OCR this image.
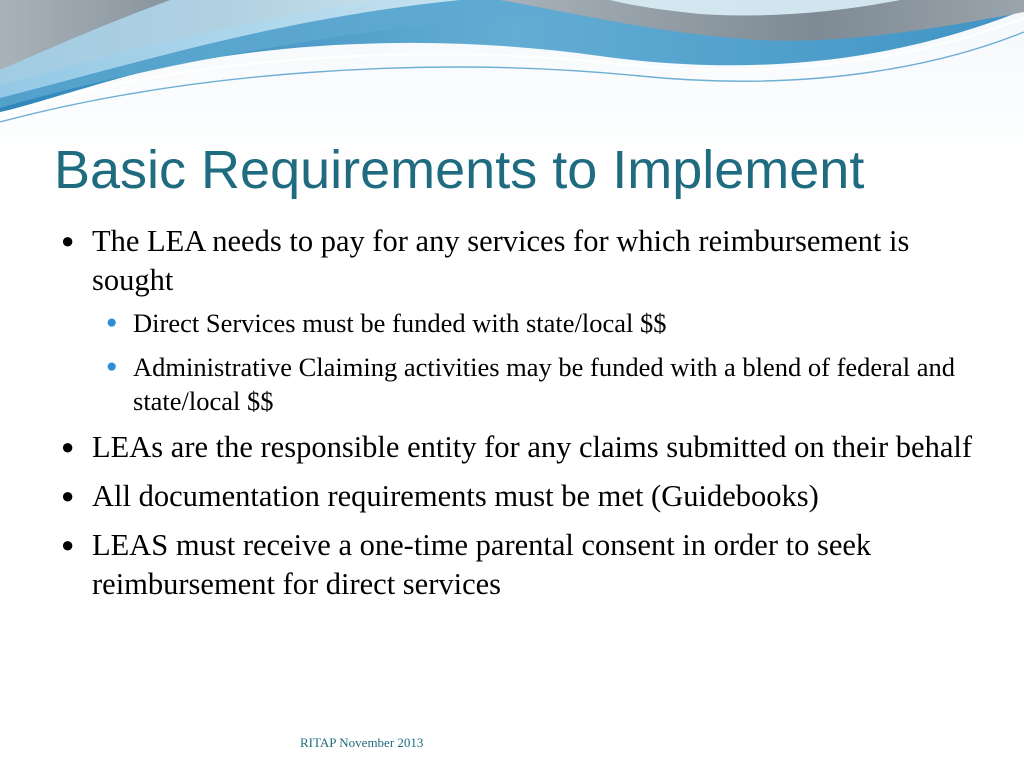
Basic Requirements to Implement
● The LEA needs to pay for any services for which reimbursement is sought
● Direct Services must be funded with state/local $$
● Administrative Claiming activities may be funded with a blend of federal and state/local $$
● LEAs are the responsible entity for any claims submitted on their behalf
● All documentation requirements must be met (Guidebooks)
● LEAS must receive a one-time parental consent in order to seek reimbursement for direct services
RITAP November 2013
